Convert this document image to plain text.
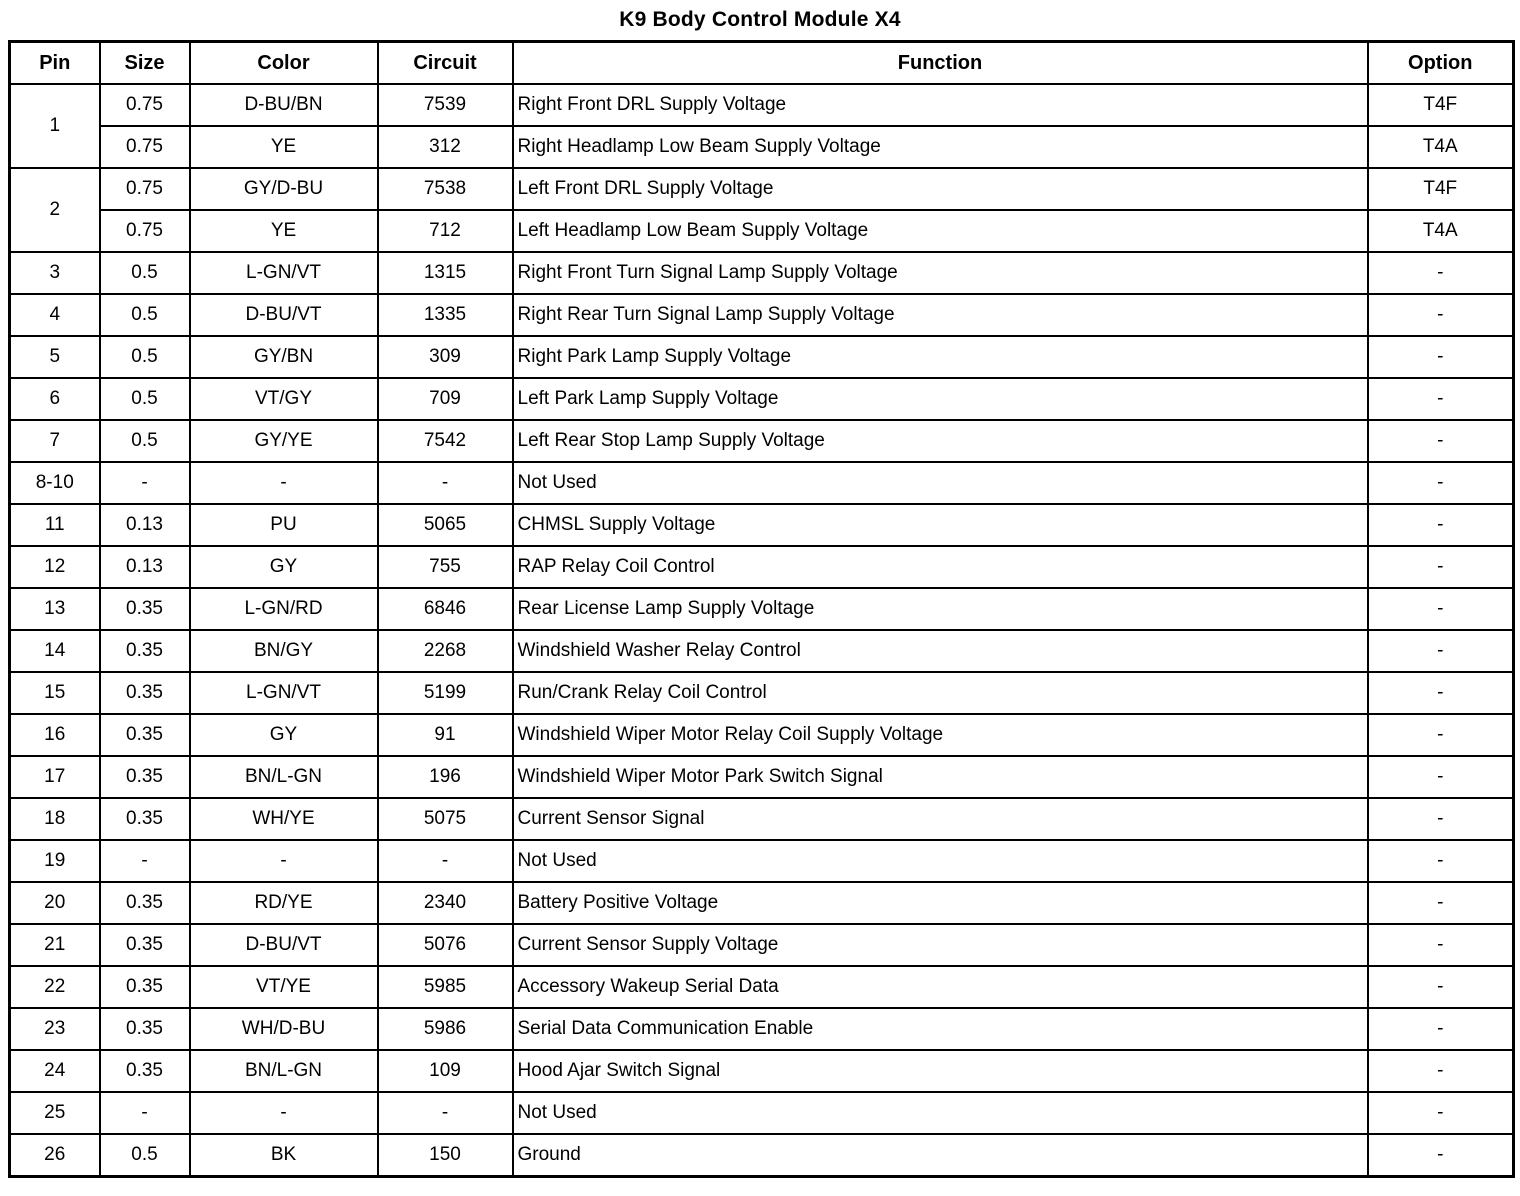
K9 Body Control Module X4
Pin	Size	Color	Circuit	Function	Option
1	0.75	D-BU/BN	7539	Right Front DRL Supply Voltage	T4F
	0.75	YE	312	Right Headlamp Low Beam Supply Voltage	T4A
2	0.75	GY/D-BU	7538	Left Front DRL Supply Voltage	T4F
	0.75	YE	712	Left Headlamp Low Beam Supply Voltage	T4A
3	0.5	L-GN/VT	1315	Right Front Turn Signal Lamp Supply Voltage	-
4	0.5	D-BU/VT	1335	Right Rear Turn Signal Lamp Supply Voltage	-
5	0.5	GY/BN	309	Right Park Lamp Supply Voltage	-
6	0.5	VT/GY	709	Left Park Lamp Supply Voltage	-
7	0.5	GY/YE	7542	Left Rear Stop Lamp Supply Voltage	-
8-10	-	-	-	Not Used	-
11	0.13	PU	5065	CHMSL Supply Voltage	-
12	0.13	GY	755	RAP Relay Coil Control	-
13	0.35	L-GN/RD	6846	Rear License Lamp Supply Voltage	-
14	0.35	BN/GY	2268	Windshield Washer Relay Control	-
15	0.35	L-GN/VT	5199	Run/Crank Relay Coil Control	-
16	0.35	GY	91	Windshield Wiper Motor Relay Coil Supply Voltage	-
17	0.35	BN/L-GN	196	Windshield Wiper Motor Park Switch Signal	-
18	0.35	WH/YE	5075	Current Sensor Signal	-
19	-	-	-	Not Used	-
20	0.35	RD/YE	2340	Battery Positive Voltage	-
21	0.35	D-BU/VT	5076	Current Sensor Supply Voltage	-
22	0.35	VT/YE	5985	Accessory Wakeup Serial Data	-
23	0.35	WH/D-BU	5986	Serial Data Communication Enable	-
24	0.35	BN/L-GN	109	Hood Ajar Switch Signal	-
25	-	-	-	Not Used	-
26	0.5	BK	150	Ground	-
